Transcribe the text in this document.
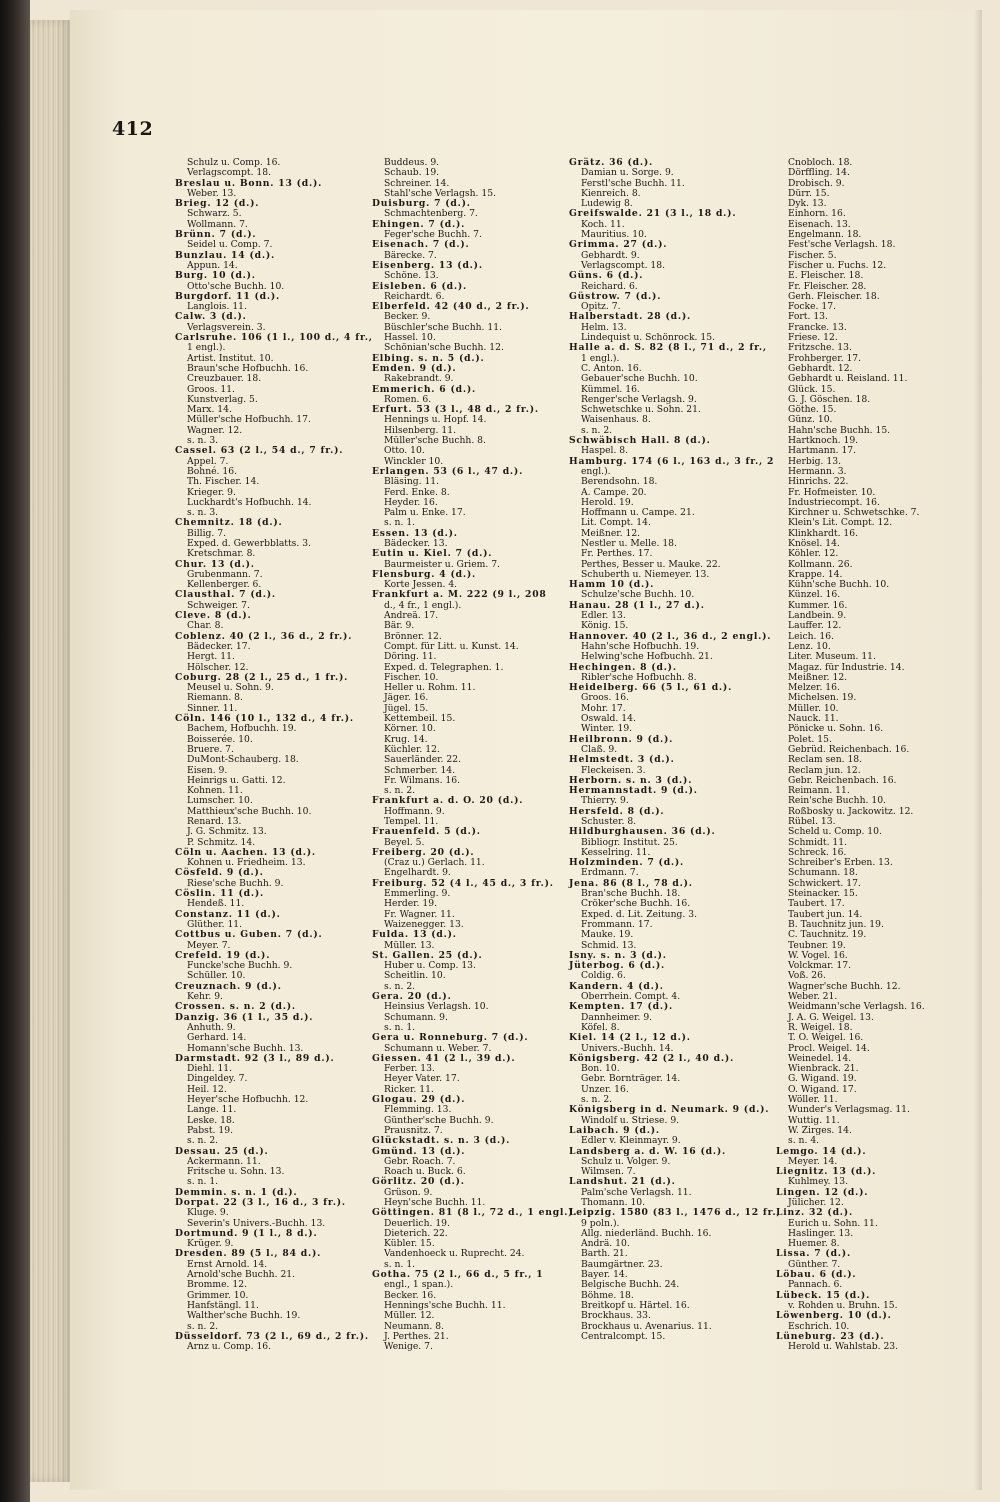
412
Schulz u. Comp. 16.
Verlagscompt. 18.
Breslau u. Bonn. 13 (d.).
Weber. 13.
Brieg. 12 (d.).
Schwarz. 5.
Wollmann. 7.
Brünn. 7 (d.).
Seidel u. Comp. 7.
Bunzlau. 14 (d.).
Appun. 14.
Burg. 10 (d.).
Otto'sche Buchh. 10.
Burgdorf. 11 (d.).
Langlois. 11.
Calw. 3 (d.).
Verlagsverein. 3.
Carlsruhe. 106 (1 l., 100 d., 4 fr.,
1 engl.).
Artist. Institut. 10.
Braun'sche Hofbuchh. 16.
Creuzbauer. 18.
Groos. 11.
Kunstverlag. 5.
Marx. 14.
Müller'sche Hofbuchh. 17.
Wagner. 12.
s. n. 3.
Cassel. 63 (2 l., 54 d., 7 fr.).
Appel. 7.
Bohné. 16.
Th. Fischer. 14.
Krieger. 9.
Luckhardt's Hofbuchh. 14.
s. n. 3.
Chemnitz. 18 (d.).
Billig. 7.
Exped. d. Gewerbblatts. 3.
Kretschmar. 8.
Chur. 13 (d.).
Grubenmann. 7.
Kellenberger. 6.
Clausthal. 7 (d.).
Schweiger. 7.
Cleve. 8 (d.).
Char. 8.
Coblenz. 40 (2 l., 36 d., 2 fr.).
Bädecker. 17.
Hergt. 11.
Hölscher. 12.
Coburg. 28 (2 l., 25 d., 1 fr.).
Meusel u. Sohn. 9.
Riemann. 8.
Sinner. 11.
Cöln. 146 (10 l., 132 d., 4 fr.).
Bachem, Hofbuchh. 19.
Boisserée. 10.
Bruere. 7.
DuMont-Schauberg. 18.
Eisen. 9.
Heinrigs u. Gatti. 12.
Kohnen. 11.
Lumscher. 10.
Matthieux'sche Buchh. 10.
Renard. 13.
J. G. Schmitz. 13.
P. Schmitz. 14.
Cöln u. Aachen. 13 (d.).
Kohnen u. Friedheim. 13.
Cösfeld. 9 (d.).
Riese'sche Buchh. 9.
Cöslin. 11 (d.).
Hendeß. 11.
Constanz. 11 (d.).
Glüther. 11.
Cottbus u. Guben. 7 (d.).
Meyer. 7.
Crefeld. 19 (d.).
Funcke'sche Buchh. 9.
Schüller. 10.
Creuznach. 9 (d.).
Kehr. 9.
Crossen. s. n. 2 (d.).
Danzig. 36 (1 l., 35 d.).
Anhuth. 9.
Gerhard. 14.
Homann'sche Buchh. 13.
Darmstadt. 92 (3 l., 89 d.).
Diehl. 11.
Dingeldey. 7.
Heil. 12.
Heyer'sche Hofbuchh. 12.
Lange. 11.
Leske. 18.
Pabst. 19.
s. n. 2.
Dessau. 25 (d.).
Ackermann. 11.
Fritsche u. Sohn. 13.
s. n. 1.
Demmin. s. n. 1 (d.).
Dorpat. 22 (3 l., 16 d., 3 fr.).
Kluge. 9.
Severin's Univers.-Buchh. 13.
Dortmund. 9 (1 l., 8 d.).
Krüger. 9.
Dresden. 89 (5 l., 84 d.).
Ernst Arnold. 14.
Arnold'sche Buchh. 21.
Bromme. 12.
Grimmer. 10.
Hanfstängl. 11.
Walther'sche Buchh. 19.
s. n. 2.
Düsseldorf. 73 (2 l., 69 d., 2 fr.).
Arnz u. Comp. 16.
Buddeus. 9.
Schaub. 19.
Schreiner. 14.
Stahl'sche Verlagsh. 15.
Duisburg. 7 (d.).
Schmachtenberg. 7.
Ehingen. 7 (d.).
Feger'sche Buchh. 7.
Eisenach. 7 (d.).
Bärecke. 7.
Eisenberg. 13 (d.).
Schöne. 13.
Eisleben. 6 (d.).
Reichardt. 6.
Elberfeld. 42 (40 d., 2 fr.).
Becker. 9.
Büschler'sche Buchh. 11.
Hassel. 10.
Schönian'sche Buchh. 12.
Elbing. s. n. 5 (d.).
Emden. 9 (d.).
Rakebrandt. 9.
Emmerich. 6 (d.).
Romen. 6.
Erfurt. 53 (3 l., 48 d., 2 fr.).
Hennings u. Hopf. 14.
Hilsenberg. 11.
Müller'sche Buchh. 8.
Otto. 10.
Winckler 10.
Erlangen. 53 (6 l., 47 d.).
Bläsing. 11.
Ferd. Enke. 8.
Heyder. 16.
Palm u. Enke. 17.
s. n. 1.
Essen. 13 (d.).
Bädecker. 13.
Eutin u. Kiel. 7 (d.).
Baurmeister u. Griem. 7.
Flensburg. 4 (d.).
Korte Jessen. 4.
Frankfurt a. M. 222 (9 l., 208
d., 4 fr., 1 engl.).
Andreä. 17.
Bär. 9.
Brönner. 12.
Compt. für Litt. u. Kunst. 14.
Döring. 11.
Exped. d. Telegraphen. 1.
Fischer. 10.
Heller u. Rohm. 11.
Jäger. 16.
Jügel. 15.
Kettembeil. 15.
Körner. 10.
Krug. 14.
Küchler. 12.
Sauerländer. 22.
Schmerber. 14.
Fr. Wilmans. 16.
s. n. 2.
Frankfurt a. d. O. 20 (d.).
Hoffmann. 9.
Tempel. 11.
Frauenfeld. 5 (d.).
Beyel. 5.
Freiberg. 20 (d.).
(Craz u.) Gerlach. 11.
Engelhardt. 9.
Freiburg. 52 (4 l., 45 d., 3 fr.).
Emmerling. 9.
Herder. 19.
Fr. Wagner. 11.
Waizenegger. 13.
Fulda. 13 (d.).
Müller. 13.
St. Gallen. 25 (d.).
Huber u. Comp. 13.
Scheitlin. 10.
s. n. 2.
Gera. 20 (d.).
Heinsius Verlagsh. 10.
Schumann. 9.
s. n. 1.
Gera u. Ronneburg. 7 (d.).
Schumann u. Weber. 7.
Giessen. 41 (2 l., 39 d.).
Ferber. 13.
Heyer Vater. 17.
Ricker. 11.
Glogau. 29 (d.).
Flemming. 13.
Günther'sche Buchh. 9.
Prausnitz. 7.
Glückstadt. s. n. 3 (d.).
Gmünd. 13 (d.).
Gebr. Roach. 7.
Roach u. Buck. 6.
Görlitz. 20 (d.).
Grüson. 9.
Heyn'sche Buchh. 11.
Göttingen. 81 (8 l., 72 d., 1 engl.).
Deuerlich. 19.
Dieterich. 22.
Kübler. 15.
Vandenhoeck u. Ruprecht. 24.
s. n. 1.
Gotha. 75 (2 l., 66 d., 5 fr., 1
engl., 1 span.).
Becker. 16.
Hennings'sche Buchh. 11.
Müller. 12.
Neumann. 8.
J. Perthes. 21.
Wenige. 7.
Grätz. 36 (d.).
Damian u. Sorge. 9.
Ferstl'sche Buchh. 11.
Kienreich. 8.
Ludewig 8.
Greifswalde. 21 (3 l., 18 d.).
Koch. 11.
Mauritius. 10.
Grimma. 27 (d.).
Gebhardt. 9.
Verlagscompt. 18.
Güns. 6 (d.).
Reichard. 6.
Güstrow. 7 (d.).
Opitz. 7.
Halberstadt. 28 (d.).
Helm. 13.
Lindequist u. Schönrock. 15.
Halle a. d. S. 82 (8 l., 71 d., 2 fr.,
1 engl.).
C. Anton. 16.
Gebauer'sche Buchh. 10.
Kümmel. 16.
Renger'sche Verlagsh. 9.
Schwetschke u. Sohn. 21.
Waisenhaus. 8.
s. n. 2.
Schwäbisch Hall. 8 (d.).
Haspel. 8.
Hamburg. 174 (6 l., 163 d., 3 fr., 2
engl.).
Berendsohn. 18.
A. Campe. 20.
Herold. 19.
Hoffmann u. Campe. 21.
Lit. Compt. 14.
Meißner. 12.
Nestler u. Melle. 18.
Fr. Perthes. 17.
Perthes, Besser u. Mauke. 22.
Schuberth u. Niemeyer. 13.
Hamm 10 (d.).
Schulze'sche Buchh. 10.
Hanau. 28 (1 l., 27 d.).
Edler. 13.
König. 15.
Hannover. 40 (2 l., 36 d., 2 engl.).
Hahn'sche Hofbuchh. 19.
Helwing'sche Hofbuchh. 21.
Hechingen. 8 (d.).
Ribler'sche Hofbuchh. 8.
Heidelberg. 66 (5 l., 61 d.).
Groos. 16.
Mohr. 17.
Oswald. 14.
Winter. 19.
Heilbronn. 9 (d.).
Claß. 9.
Helmstedt. 3 (d.).
Fleckeisen. 3.
Herborn. s. n. 3 (d.).
Hermannstadt. 9 (d.).
Thierry. 9.
Hersfeld. 8 (d.).
Schuster. 8.
Hildburghausen. 36 (d.).
Bibliogr. Institut. 25.
Kesselring. 11.
Holzminden. 7 (d.).
Erdmann. 7.
Jena. 86 (8 l., 78 d.).
Bran'sche Buchh. 18.
Cröker'sche Buchh. 16.
Exped. d. Lit. Zeitung. 3.
Frommann. 17.
Mauke. 19.
Schmid. 13.
Isny. s. n. 3 (d.).
Jüterbog. 6 (d.).
Coldig. 6.
Kandern. 4 (d.).
Oberrhein. Compt. 4.
Kempten. 17 (d.).
Dannheimer. 9.
Köfel. 8.
Kiel. 14 (2 l., 12 d.).
Univers.-Buchh. 14.
Königsberg. 42 (2 l., 40 d.).
Bon. 10.
Gebr. Bornträger. 14.
Unzer. 16.
s. n. 2.
Königsberg in d. Neumark. 9 (d.).
Windolf u. Striese. 9.
Laibach. 9 (d.).
Edler v. Kleinmayr. 9.
Landsberg a. d. W. 16 (d.).
Schulz u. Volger. 9.
Wilmsen. 7.
Landshut. 21 (d.).
Palm'sche Verlagsh. 11.
Thomann. 10.
Leipzig. 1580 (83 l., 1476 d., 12 fr.,
9 poln.).
Allg. niederländ. Buchh. 16.
Andrä. 10.
Barth. 21.
Baumgärtner. 23.
Bayer. 14.
Belgische Buchh. 24.
Böhme. 18.
Breitkopf u. Härtel. 16.
Brockhaus. 33.
Brockhaus u. Avenarius. 11.
Centralcompt. 15.
Cnobloch. 18.
Dörffling. 14.
Drobisch. 9.
Dürr. 15.
Dyk. 13.
Einhorn. 16.
Eisenach. 13.
Engelmann. 18.
Fest'sche Verlagsh. 18.
Fischer. 5.
Fischer u. Fuchs. 12.
E. Fleischer. 18.
Fr. Fleischer. 28.
Gerh. Fleischer. 18.
Focke. 17.
Fort. 13.
Francke. 13.
Friese. 12.
Fritzsche. 13.
Frohberger. 17.
Gebhardt. 12.
Gebhardt u. Reisland. 11.
Glück. 15.
G. J. Göschen. 18.
Göthe. 15.
Günz. 10.
Hahn'sche Buchh. 15.
Hartknoch. 19.
Hartmann. 17.
Herbig. 13.
Hermann. 3.
Hinrichs. 22.
Fr. Hofmeister. 10.
Industriecompt. 16.
Kirchner u. Schwetschke. 7.
Klein's Lit. Compt. 12.
Klinkhardt. 16.
Knösel. 14.
Köhler. 12.
Kollmann. 26.
Krappe. 14.
Kühn'sche Buchh. 10.
Künzel. 16.
Kummer. 16.
Landbein. 9.
Lauffer. 12.
Leich. 16.
Lenz. 10.
Liter. Museum. 11.
Magaz. für Industrie. 14.
Meißner. 12.
Melzer. 16.
Michelsen. 19.
Müller. 10.
Nauck. 11.
Pönicke u. Sohn. 16.
Polet. 15.
Gebrüd. Reichenbach. 16.
Reclam sen. 18.
Reclam jun. 12.
Gebr. Reichenbach. 16.
Reimann. 11.
Rein'sche Buchh. 10.
Roßbosky u. Jackowitz. 12.
Rübel. 13.
Scheld u. Comp. 10.
Schmidt. 11.
Schreck. 16.
Schreiber's Erben. 13.
Schumann. 18.
Schwickert. 17.
Steinacker. 15.
Taubert. 17.
Taubert jun. 14.
B. Tauchnitz jun. 19.
C. Tauchnitz. 19.
Teubner. 19.
W. Vogel. 16.
Volckmar. 17.
Voß. 26.
Wagner'sche Buchh. 12.
Weber. 21.
Weidmann'sche Verlagsh. 16.
J. A. G. Weigel. 13.
R. Weigel. 18.
T. O. Weigel. 16.
Procl. Weigel. 14.
Weinedel. 14.
Wienbrack. 21.
G. Wigand. 19.
O. Wigand. 17.
Wöller. 11.
Wunder's Verlagsmag. 11.
Wuttig. 11.
W. Zirges. 14.
s. n. 4.
Lemgo. 14 (d.).
Meyer. 14.
Liegnitz. 13 (d.).
Kuhlmey. 13.
Lingen. 12 (d.).
Jülicher. 12.
Linz. 32 (d.).
Eurich u. Sohn. 11.
Haslinger. 13.
Huemer. 8.
Lissa. 7 (d.).
Günther. 7.
Löbau. 6 (d.).
Pannach. 6.
Lübeck. 15 (d.).
v. Rohden u. Bruhn. 15.
Löwenberg. 10 (d.).
Eschrich. 10.
Lüneburg. 23 (d.).
Herold u. Wahlstab. 23.
